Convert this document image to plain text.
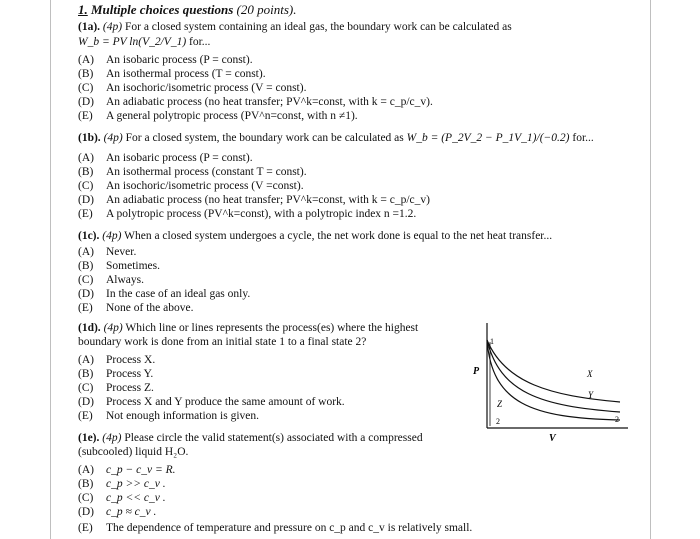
1. Multiple choices questions (20 points).
(1a). (4p) For a closed system containing an ideal gas, the boundary work can be calculated as
W_b = PV ln(V_2/V_1) for...
(A) An isobaric process (P = const).
(B) An isothermal process (T = const).
(C) An isochoric/isometric process (V = const).
(D) An adiabatic process (no heat transfer; PV^k=const, with k = c_p/c_v).
(E) A general polytropic process (PV^n=const, with n ≠1).
(1b). (4p) For a closed system, the boundary work can be calculated as W_b = (P_2V_2 − P_1V_1)/(−0.2) for...
(A) An isobaric process (P = const).
(B) An isothermal process (constant T = const).
(C) An isochoric/isometric process (V =const).
(D) An adiabatic process (no heat transfer; PV^k=const, with k = c_p/c_v)
(E) A polytropic process (PV^k=const), with a polytropic index n =1.2.
(1c). (4p) When a closed system undergoes a cycle, the net work done is equal to the net heat transfer...
(A) Never.
(B) Sometimes.
(C) Always.
(D) In the case of an ideal gas only.
(E) None of the above.
(1d). (4p) Which line or lines represents the process(es) where the highest
boundary work is done from an initial state 1 to a final state 2?
(A) Process X.
(B) Process Y.
(C) Process Z.
(D) Process X and Y produce the same amount of work.
(E) Not enough information is given.
P
V
1
2	2
X
Y
Z
(1e). (4p) Please circle the valid statement(s) associated with a compressed
(subcooled) liquid H₂O.
(A) c_p − c_v = R.
(B) c_p >> c_v .
(C) c_p << c_v .
(D) c_p ≈ c_v .
(E) The dependence of temperature and pressure on c_p and c_v is relatively small.
